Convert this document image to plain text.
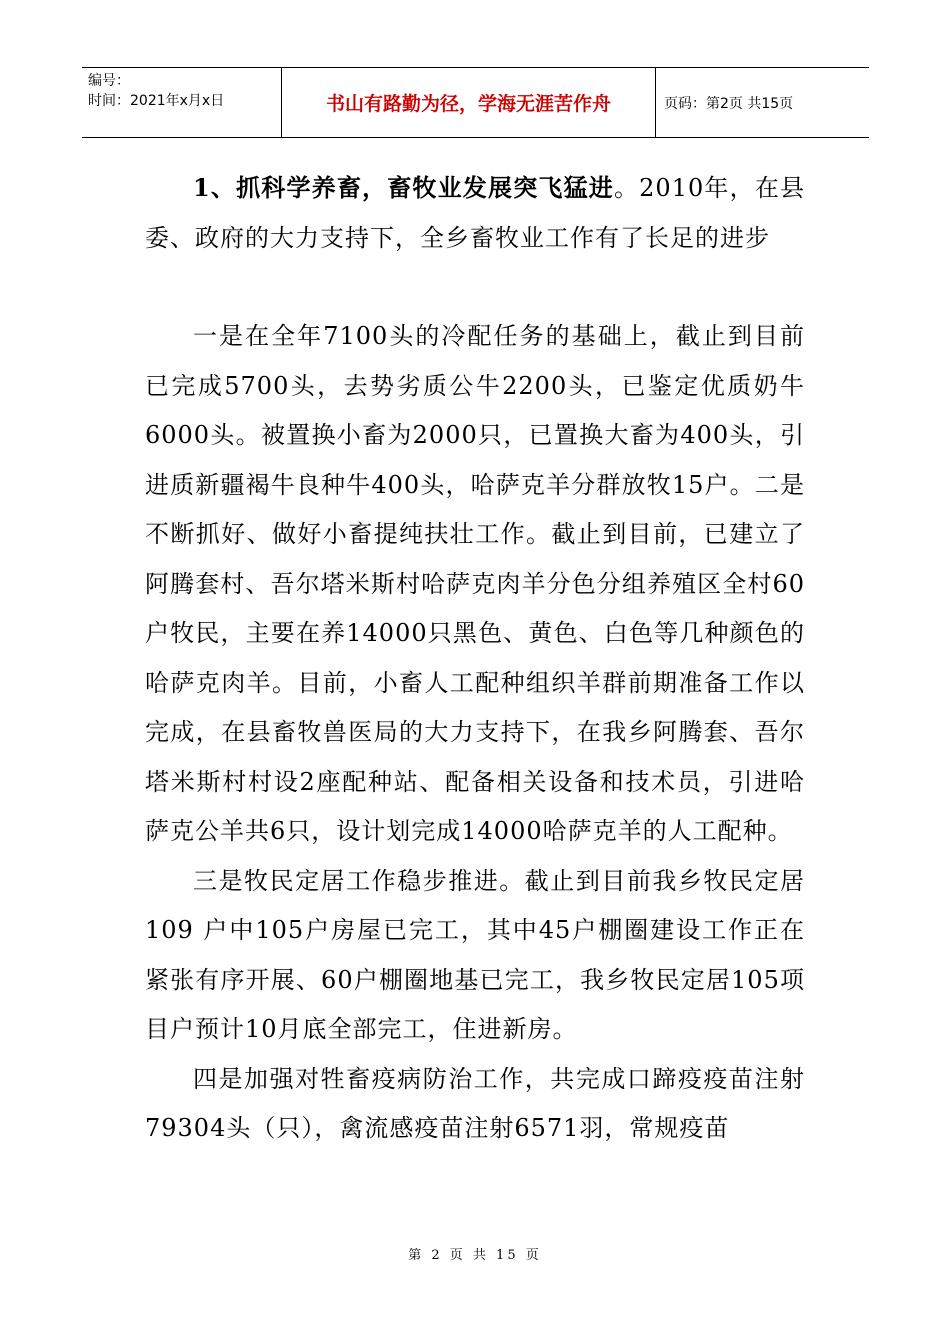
编号：
时间：2021年x月x日	书山有路勤为径，学海无涯苦作舟	页码：第2页 共15页

1、抓科学养畜，畜牧业发展突飞猛进。2010年，在县委、政府的大力支持下，全乡畜牧业工作有了长足的进步

一是在全年7100头的冷配任务的基础上，截止到目前已完成5700头，去势劣质公牛2200头，已鉴定优质奶牛6000头。被置换小畜为2000只，已置换大畜为400头，引进质新疆褐牛良种牛400头，哈萨克羊分群放牧15户。二是不断抓好、做好小畜提纯扶壮工作。截止到目前，已建立了阿腾套村、吾尔塔米斯村哈萨克肉羊分色分组养殖区全村60户牧民，主要在养14000只黑色、黄色、白色等几种颜色的哈萨克肉羊。目前，小畜人工配种组织羊群前期准备工作以完成，在县畜牧兽医局的大力支持下，在我乡阿腾套、吾尔塔米斯村村设2座配种站、配备相关设备和技术员，引进哈萨克公羊共6只，设计划完成14000哈萨克羊的人工配种。

三是牧民定居工作稳步推进。截止到目前我乡牧民定居109 户中105户房屋已完工，其中45户棚圈建设工作正在紧张有序开展、60户棚圈地基已完工，我乡牧民定居105项目户预计10月底全部完工，住进新房。

四是加强对牲畜疫病防治工作，共完成口蹄疫疫苗注射79304头（只），禽流感疫苗注射6571羽，常规疫苗

第 2 页 共 15 页
